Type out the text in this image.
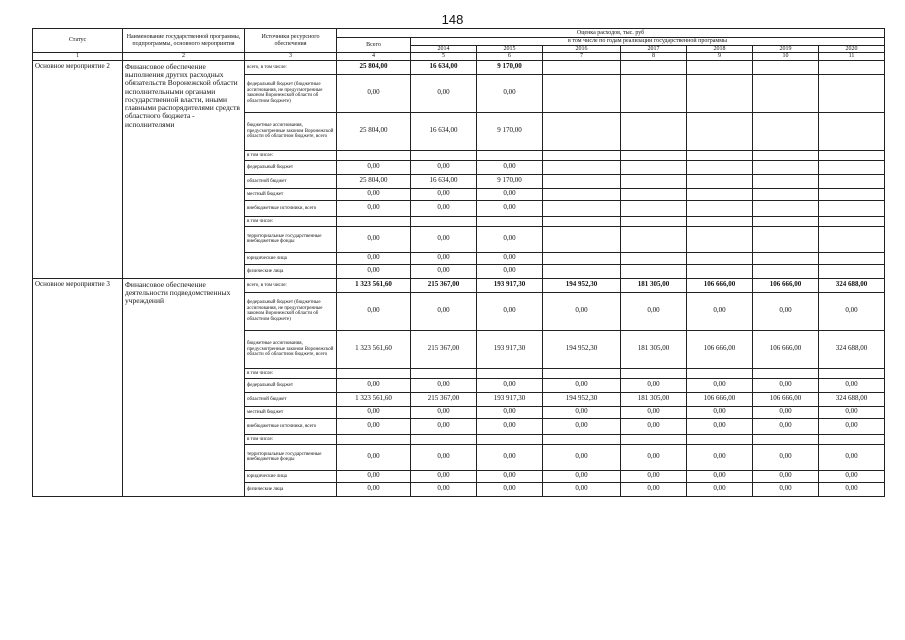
148
Статус	Наименование государственной программы, подпрограммы, основного мероприятия	Источники ресурсного обеспечения	Оценка расходов, тыс. руб							
			Всего	в том числе по годам реализации государственной программы						
				2014	2015	2016	2017	2018	2019	2020
1	2	3	4	5	6	7	8	9	10	11
Основное мероприятие 2	Финансовое обеспечение выполнения других расходных обязательств Воронежской области исполнительными органами государственной власти, иными главными распорядителями средств областного бюджета - исполнителями	всего, в том числе:	25 804,00	16 634,00	9 170,00					
		федеральный бюджет (бюджетные ассигнования, не предусмотренные законом Воронежской области об областном бюджете)	0,00	0,00	0,00					
		бюджетные ассигнования, предусмотренные законом Воронежской области об областном бюджете, всего	25 804,00	16 634,00	9 170,00					
		в том числе:								
		федеральный бюджет	0,00	0,00	0,00					
		областной бюджет	25 804,00	16 634,00	9 170,00					
		местный бюджет	0,00	0,00	0,00					
		внебюджетные источники, всего	0,00	0,00	0,00					
		в том числе:								
		территориальные государственные внебюджетные фонды	0,00	0,00	0,00					
		юридические лица	0,00	0,00	0,00					
		физические лица	0,00	0,00	0,00					
Основное мероприятие 3	Финансовое обеспечение деятельности подведомственных учреждений	всего, в том числе:	1 323 561,60	215 367,00	193 917,30	194 952,30	181 305,00	106 666,00	106 666,00	324 688,00
		федеральный бюджет (бюджетные ассигнования, не предусмотренные законом Воронежской области об областном бюджете)	0,00	0,00	0,00	0,00	0,00	0,00	0,00	0,00
		бюджетные ассигнования, предусмотренные законом Воронежской области об областном бюджете, всего	1 323 561,60	215 367,00	193 917,30	194 952,30	181 305,00	106 666,00	106 666,00	324 688,00
		в том числе:								
		федеральный бюджет	0,00	0,00	0,00	0,00	0,00	0,00	0,00	0,00
		областной бюджет	1 323 561,60	215 367,00	193 917,30	194 952,30	181 305,00	106 666,00	106 666,00	324 688,00
		местный бюджет	0,00	0,00	0,00	0,00	0,00	0,00	0,00	0,00
		внебюджетные источники, всего	0,00	0,00	0,00	0,00	0,00	0,00	0,00	0,00
		в том числе:								
		территориальные государственные внебюджетные фонды	0,00	0,00	0,00	0,00	0,00	0,00	0,00	0,00
		юридические лица	0,00	0,00	0,00	0,00	0,00	0,00	0,00	0,00
		физические лица	0,00	0,00	0,00	0,00	0,00	0,00	0,00	0,00
